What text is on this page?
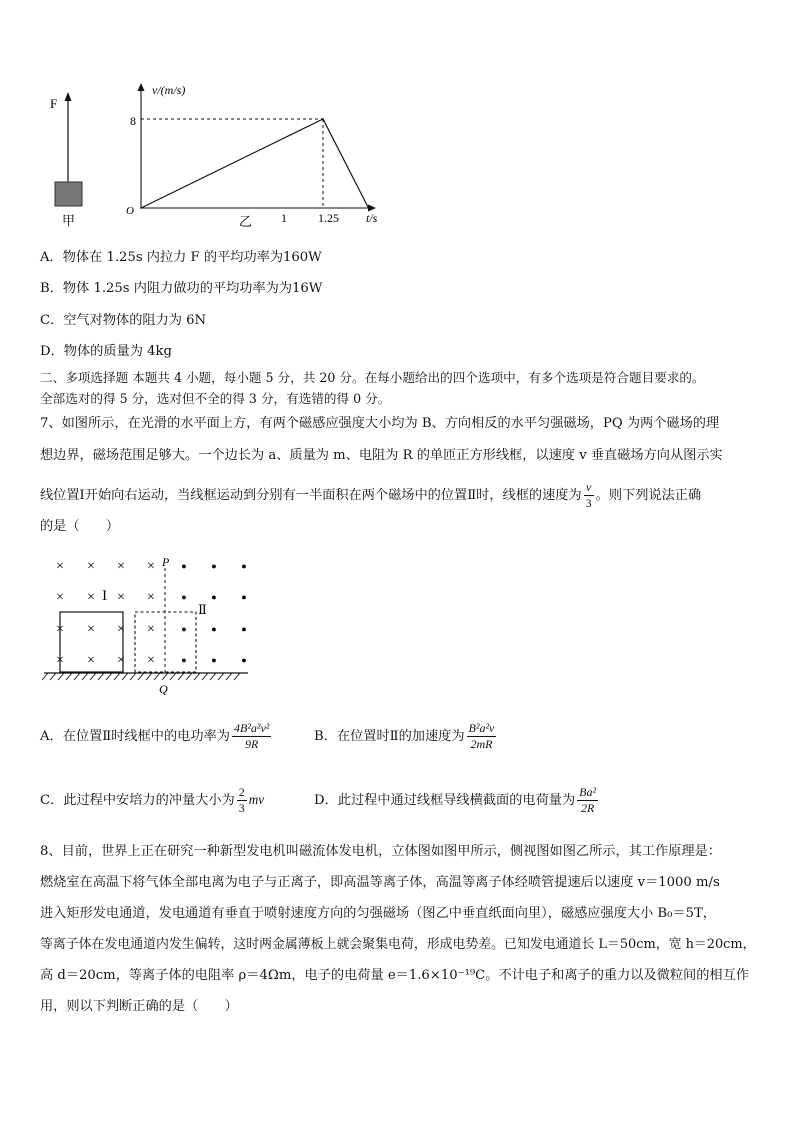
F
甲
v/(m/s)
8
O	1	1.25 t/s
乙
A．物体在 1.25s 内拉力 F 的平均功率为160W
B．物体 1.25s 内阻力做功的平均功率为为16W
C．空气对物体的阻力为 6N
D．物体的质量为 4kg
二、多项选择题 本题共 4 小题，每小题 5 分，共 20 分。在每小题给出的四个选项中，有多个选项是符合题目要求的。
全部选对的得 5 分，选对但不全的得 3 分，有选错的得 0 分。
7、如图所示，在光滑的水平面上方，有两个磁感应强度大小均为 B、方向相反的水平匀强磁场，PQ 为两个磁场的理
想边界，磁场范围足够大。一个边长为 a、质量为 m、电阻为 R 的单匝正方形线框，以速度 v 垂直磁场方向从图示实
线位置Ⅰ开始向右运动，当线框运动到分别有一半面积在两个磁场中的位置Ⅱ时，线框的速度为 $\frac{v}{3}$ 。则下列说法正确
的是（　　）
× × × ×	●	●	●
× × × ×	●	●	●
× × × ×	●	●	●
× × × ×	●	●	●
P
Q
Ⅰ
Ⅱ
A．在位置Ⅱ时线框中的电功率为 $\frac{\text{4B²a²v²}}{9R}$	B．在位置时Ⅱ的加速度为 $\frac{\text{B²a²v}}{2mR}$
C．此过程中安培力的冲量大小为 $\frac{2}{3}$ mv	D．此过程中通过线框导线横截面的电荷量为 $\frac{\text{Ba²}}{2R}$
8、目前，世界上正在研究一种新型发电机叫磁流体发电机，立体图如图甲所示，侧视图如图乙所示，其工作原理是：
燃烧室在高温下将气体全部电离为电子与正离子，即高温等离子体，高温等离子体经喷管提速后以速度 v＝1000 m/s
进入矩形发电通道，发电通道有垂直于喷射速度方向的匀强磁场（图乙中垂直纸面向里），磁感应强度大小 B₀＝5T，
等离子体在发电通道内发生偏转，这时两金属薄板上就会聚集电荷，形成电势差。已知发电通道长 L＝50cm，宽 h＝20cm，
高 d＝20cm，等离子体的电阻率 ρ＝4Ωm，电子的电荷量 e＝1.6×10⁻¹⁹C。不计电子和离子的重力以及微粒间的相互作
用，则以下判断正确的是（　　）
